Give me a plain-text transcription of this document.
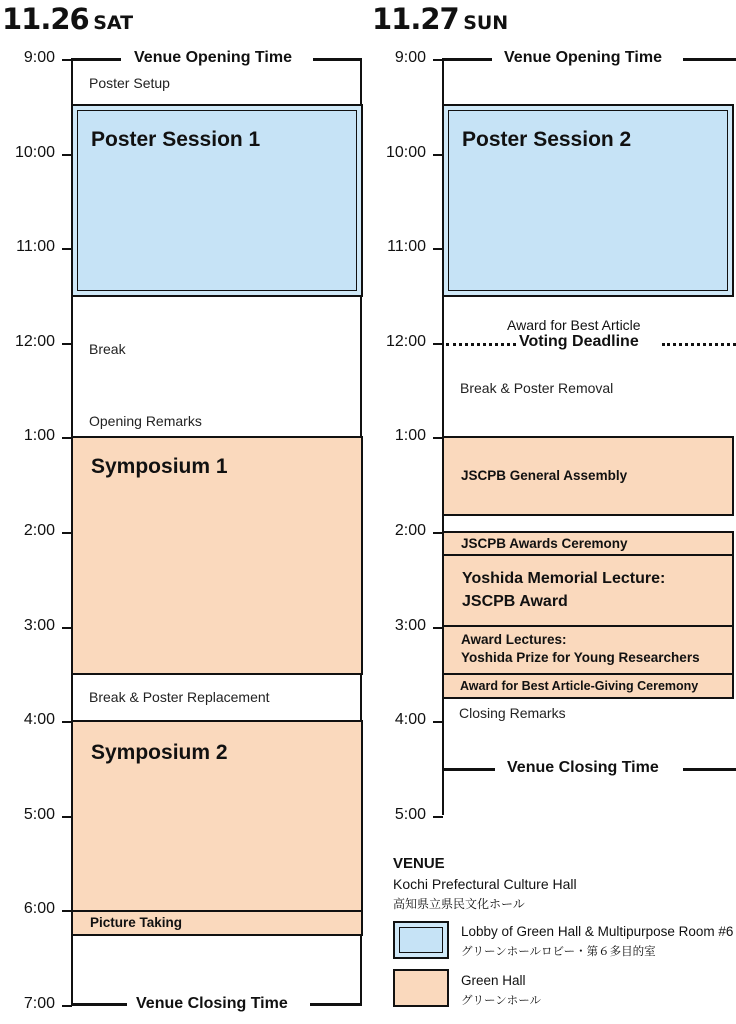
11.26 SAT	11.27 SUN
9:00
10:00
11:00
12:00
1:00
2:00
3:00
4:00
5:00
6:00
7:00
Venue Opening Time
Poster Setup
Poster Session 1
Break
Opening Remarks
Symposium 1
Break & Poster Replacement
Symposium 2
Picture Taking
Venue Closing Time
9:00
10:00
11:00
12:00
1:00
2:00
3:00
4:00
5:00
Venue Opening Time
Poster Session 2
Award for Best Article
Voting Deadline
Break & Poster Removal
JSCPB General Assembly
JSCPB Awards Ceremony
Yoshida Memorial Lecture:
JSCPB Award
Award Lectures:
Yoshida Prize for Young Researchers
Award for Best Article-Giving Ceremony
Closing Remarks
Venue Closing Time
VENUE
Kochi Prefectural Culture Hall
高知県立県民文化ホール
Lobby of Green Hall & Multipurpose Room #6
グリーンホールロビー・第６多目的室
Green Hall
グリーンホール
